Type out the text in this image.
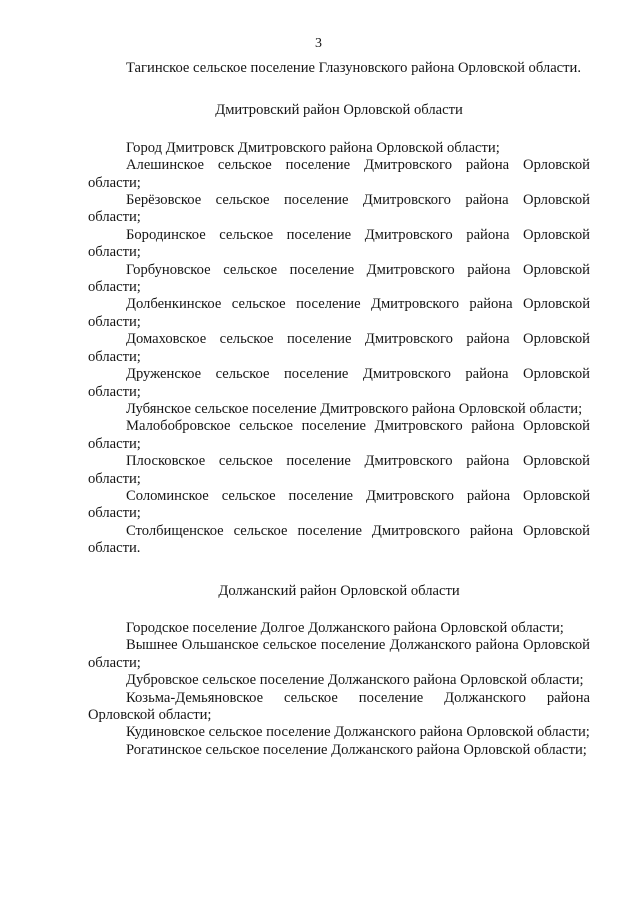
3

Тагинское сельское поселение Глазуновского района Орловской области.

Дмитровский район Орловской области

Город Дмитровск Дмитровского района Орловской области;

Алешинское сельское поселение Дмитровского района Орловской области;

Берёзовское сельское поселение Дмитровского района Орловской области;

Бородинское сельское поселение Дмитровского района Орловской области;

Горбуновское сельское поселение Дмитровского района Орловской области;

Долбенкинское сельское поселение Дмитровского района Орловской области;

Домаховское сельское поселение Дмитровского района Орловской области;

Друженское сельское поселение Дмитровского района Орловской области;

Лубянское сельское поселение Дмитровского района Орловской области;

Малобобровское сельское поселение Дмитровского района Орловской области;

Плосковское сельское поселение Дмитровского района Орловской области;

Соломинское сельское поселение Дмитровского района Орловской области;

Столбищенское сельское поселение Дмитровского района Орловской области.

Должанский район Орловской области

Городское поселение Долгое Должанского района Орловской области;

Вышнее Ольшанское сельское поселение Должанского района Орловской области;

Дубровское сельское поселение Должанского района Орловской области;

Козьма-Демьяновское сельское поселение Должанского района Орловской области;

Кудиновское сельское поселение Должанского района Орловской области;

Рогатинское сельское поселение Должанского района Орловской области;
